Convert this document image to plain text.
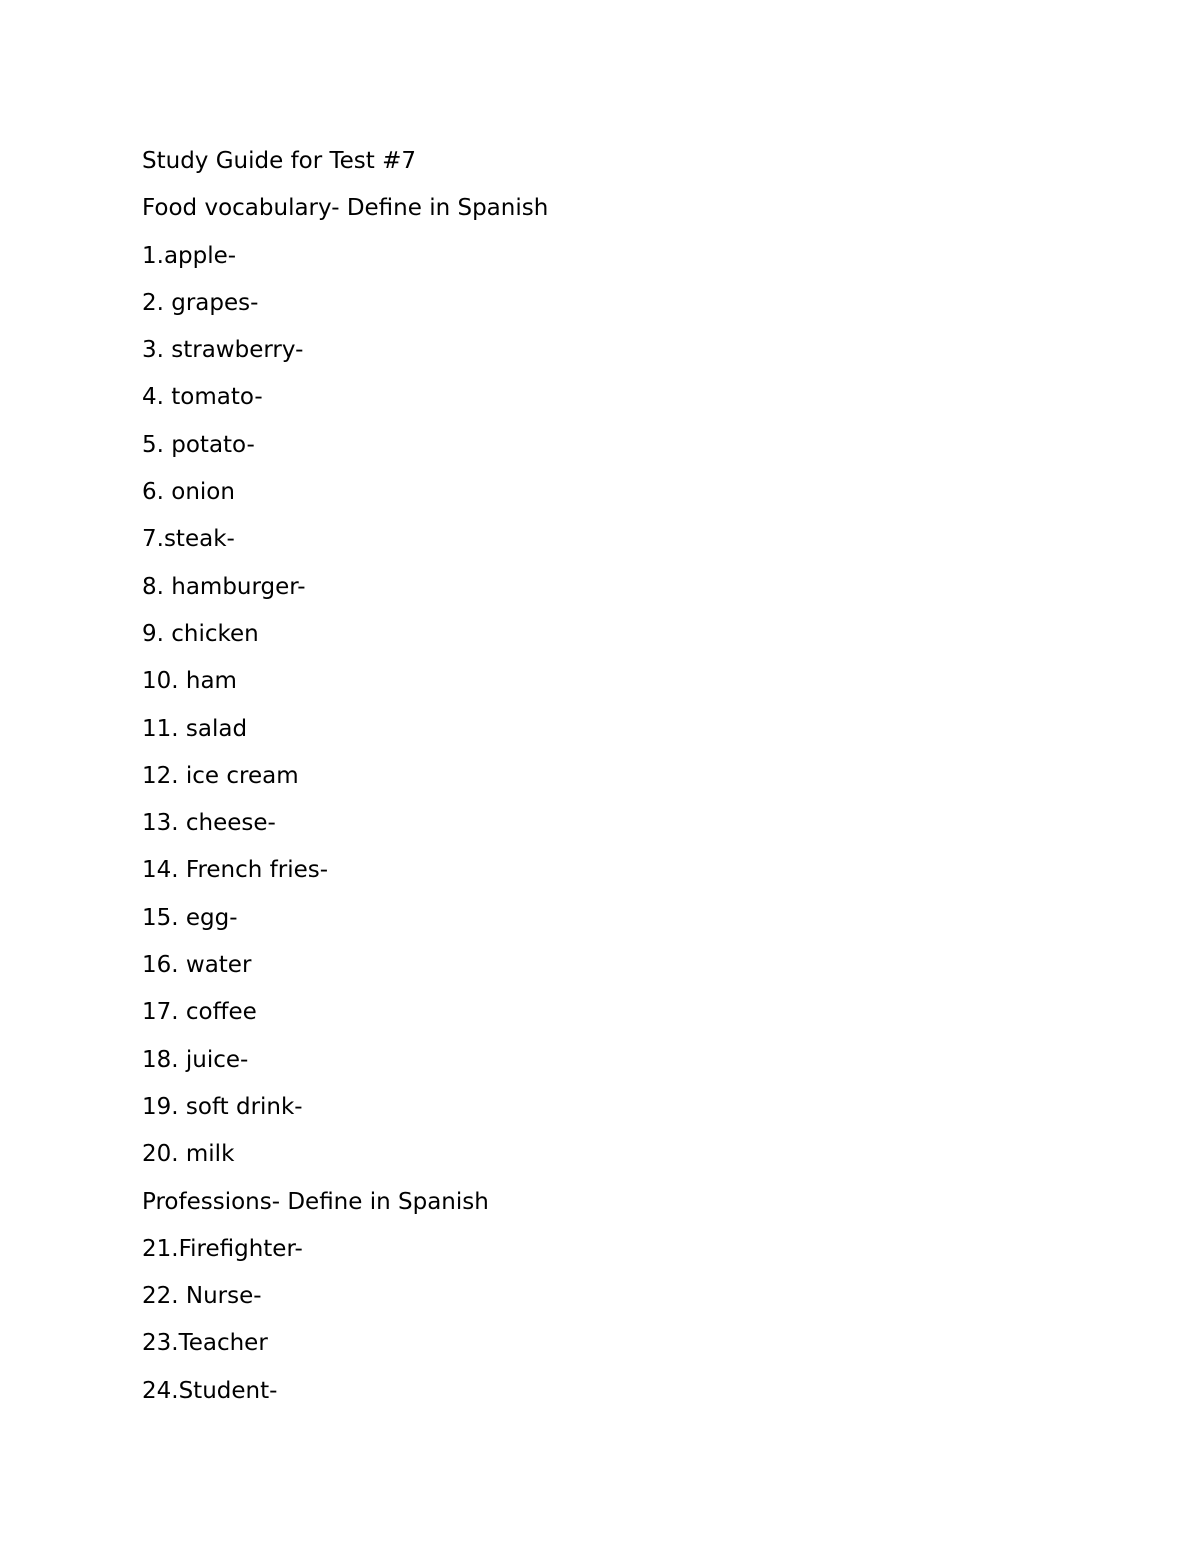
Study Guide for Test #7
Food vocabulary- Define in Spanish
1.apple-
2. grapes-
3. strawberry-
4. tomato-
5. potato-
6. onion
7.steak-
8. hamburger-
9. chicken
10. ham
11. salad
12. ice cream
13. cheese-
14. French fries-
15. egg-
16. water
17. coffee
18. juice-
19. soft drink-
20. milk
Professions- Define in Spanish
21.Firefighter-
22. Nurse-
23.Teacher
24.Student-
